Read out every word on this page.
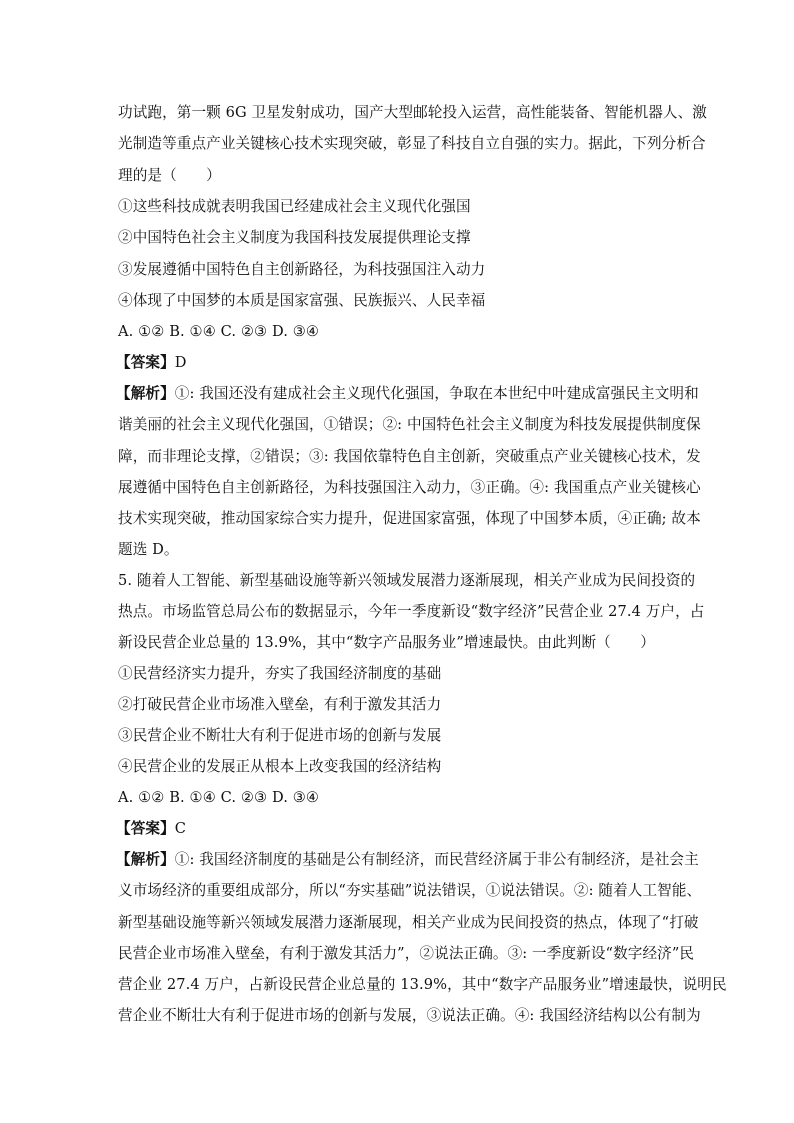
功试跑，第一颗 6G 卫星发射成功，国产大型邮轮投入运营，高性能装备、智能机器人、激
光制造等重点产业关键核心技术实现突破，彰显了科技自立自强的实力。据此，下列分析合
理的是（　　）
①这些科技成就表明我国已经建成社会主义现代化强国
②中国特色社会主义制度为我国科技发展提供理论支撑
③发展遵循中国特色自主创新路径，为科技强国注入动力
④体现了中国梦的本质是国家富强、民族振兴、人民幸福
A. ①② B. ①④ C. ②③ D. ③④
【答案】D
【解析】①: 我国还没有建成社会主义现代化强国，争取在本世纪中叶建成富强民主文明和
谐美丽的社会主义现代化强国，①错误；②: 中国特色社会主义制度为科技发展提供制度保
障，而非理论支撑，②错误；③: 我国依靠特色自主创新，突破重点产业关键核心技术，发
展遵循中国特色自主创新路径，为科技强国注入动力，③正确。④: 我国重点产业关键核心
技术实现突破，推动国家综合实力提升，促进国家富强，体现了中国梦本质，④正确; 故本
题选 D。
5. 随着人工智能、新型基础设施等新兴领域发展潜力逐渐展现，相关产业成为民间投资的
热点。市场监管总局公布的数据显示，今年一季度新设“数字经济”民营企业 27.4 万户，占
新设民营企业总量的 13.9%，其中“数字产品服务业”增速最快。由此判断（　　）
①民营经济实力提升，夯实了我国经济制度的基础
②打破民营企业市场准入壁垒，有利于激发其活力
③民营企业不断壮大有利于促进市场的创新与发展
④民营企业的发展正从根本上改变我国的经济结构
A. ①② B. ①④ C. ②③ D. ③④
【答案】C
【解析】①: 我国经济制度的基础是公有制经济，而民营经济属于非公有制经济，是社会主
义市场经济的重要组成部分，所以“夯实基础”说法错误，①说法错误。②: 随着人工智能、
新型基础设施等新兴领域发展潜力逐渐展现，相关产业成为民间投资的热点，体现了“打破
民营企业市场准入壁垒，有利于激发其活力”，②说法正确。③: 一季度新设“数字经济”民
营企业 27.4 万户，占新设民营企业总量的 13.9%，其中“数字产品服务业”增速最快，说明民
营企业不断壮大有利于促进市场的创新与发展，③说法正确。④: 我国经济结构以公有制为
